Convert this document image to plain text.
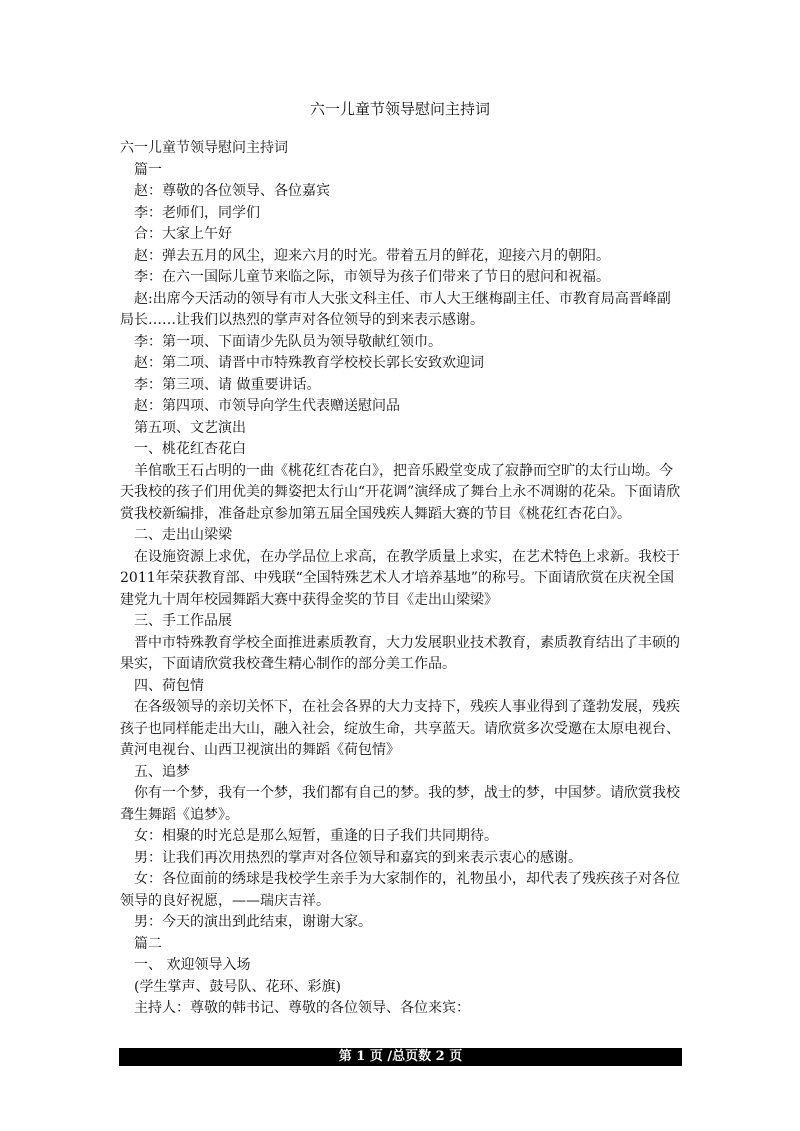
六一儿童节领导慰问主持词

六一儿童节领导慰问主持词

篇一

赵：尊敬的各位领导、各位嘉宾

李：老师们，同学们

合：大家上午好

赵：弹去五月的风尘，迎来六月的时光。带着五月的鲜花，迎接六月的朝阳。

李：在六一国际儿童节来临之际，市领导为孩子们带来了节日的慰问和祝福。

赵:出席今天活动的领导有市人大张文科主任、市人大王继梅副主任、市教育局高晋峰副局长……让我们以热烈的掌声对各位领导的到来表示感谢。

李：第一项、下面请少先队员为领导敬献红领巾。

赵：第二项、请晋中市特殊教育学校校长郭长安致欢迎词

李：第三项、请 做重要讲话。

赵：第四项、市领导向学生代表赠送慰问品

第五项、文艺演出

一、桃花红杏花白

羊倌歌王石占明的一曲《桃花红杏花白》，把音乐殿堂变成了寂静而空旷的太行山坳。今天我校的孩子们用优美的舞姿把太行山“开花调”演绎成了舞台上永不凋谢的花朵。下面请欣赏我校新编排，准备赴京参加第五届全国残疾人舞蹈大赛的节目《桃花红杏花白》。

二、走出山梁梁

在设施资源上求优，在办学品位上求高，在教学质量上求实，在艺术特色上求新。我校于 2011年荣获教育部、中残联“全国特殊艺术人才培养基地”的称号。下面请欣赏在庆祝全国建党九十周年校园舞蹈大赛中获得金奖的节目《走出山梁梁》

三、手工作品展

晋中市特殊教育学校全面推进素质教育，大力发展职业技术教育，素质教育结出了丰硕的果实，下面请欣赏我校聋生精心制作的部分美工作品。

四、荷包情

在各级领导的亲切关怀下，在社会各界的大力支持下，残疾人事业得到了蓬勃发展，残疾孩子也同样能走出大山，融入社会，绽放生命，共享蓝天。请欣赏多次受邀在太原电视台、黄河电视台、山西卫视演出的舞蹈《荷包情》

五、追梦

你有一个梦，我有一个梦，我们都有自己的梦。我的梦，战士的梦，中国梦。请欣赏我校聋生舞蹈《追梦》。

女：相聚的时光总是那么短暂，重逢的日子我们共同期待。

男：让我们再次用热烈的掌声对各位领导和嘉宾的到来表示衷心的感谢。

女：各位面前的绣球是我校学生亲手为大家制作的，礼物虽小，却代表了残疾孩子对各位领导的良好祝愿，——瑞庆吉祥。

男：今天的演出到此结束，谢谢大家。

篇二

一、 欢迎领导入场

(学生掌声、鼓号队、花环、彩旗)

主持人：尊敬的韩书记、尊敬的各位领导、各位来宾：

第 1 页 /总页数 2 页
